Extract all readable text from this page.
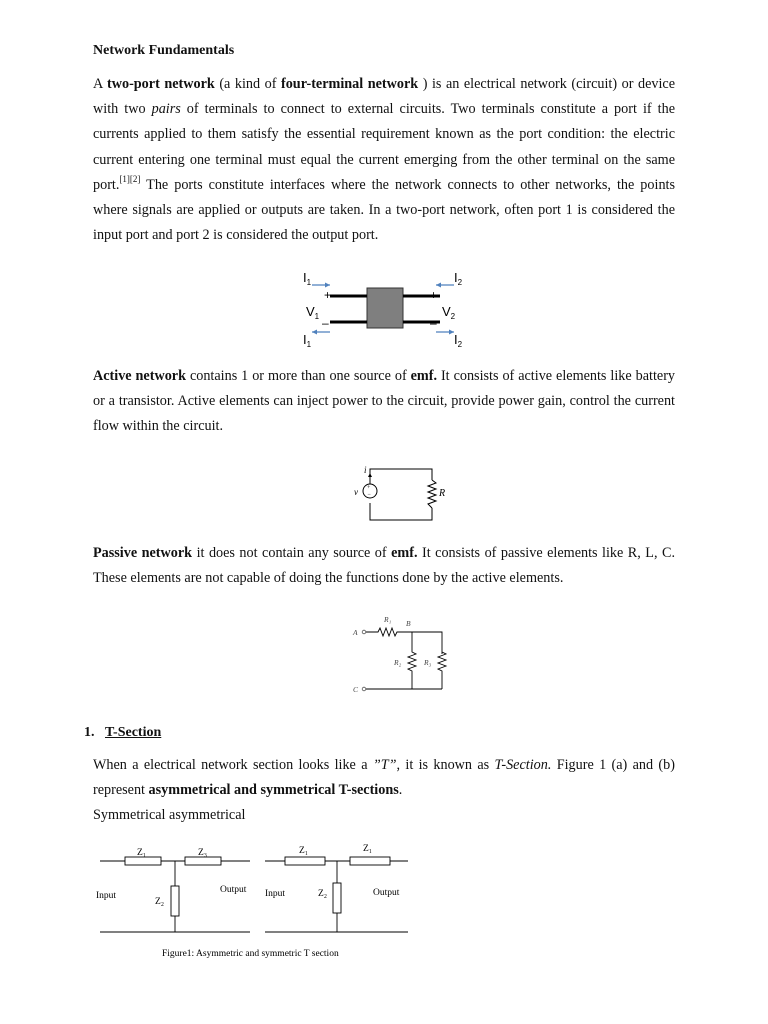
Network Fundamentals
A two-port network (a kind of four-terminal network ) is an electrical network (circuit) or device with two pairs of terminals to connect to external circuits. Two terminals constitute a port if the currents applied to them satisfy the essential requirement known as the port condition: the electric current entering one terminal must equal the current emerging from the other terminal on the same port.[1][2] The ports constitute interfaces where the network connects to other networks, the points where signals are applied or outputs are taken. In a two-port network, often port 1 is considered the input port and port 2 is considered the output port.
$I_1$
$I_1$
$I_2$
$I_2$
$V_1$	$V_2$
+	+
–	–
Active network contains 1 or more than one source of emf. It consists of active elements like battery or a transistor. Active elements can inject power to the circuit, provide power gain, control the current flow within the circuit.
+
−
i
v	R
Passive network it does not contain any source of emf. It consists of passive elements like R, L, C. These elements are not capable of doing the functions done by the active elements.
R₁ B
A
R₂	R₃
C
1. T-Section
When a electrical network section looks like a ”T”, it is known as T-Section. Figure 1 (a) and (b) represent asymmetrical and symmetrical T-sections.
Symmetrical asymmetrical
Z₁	Z₃
Z₂
Input
Output
Z₁	Z₁
Z₂
Input	Output
Figure1: Asymmetric and symmetric T section
